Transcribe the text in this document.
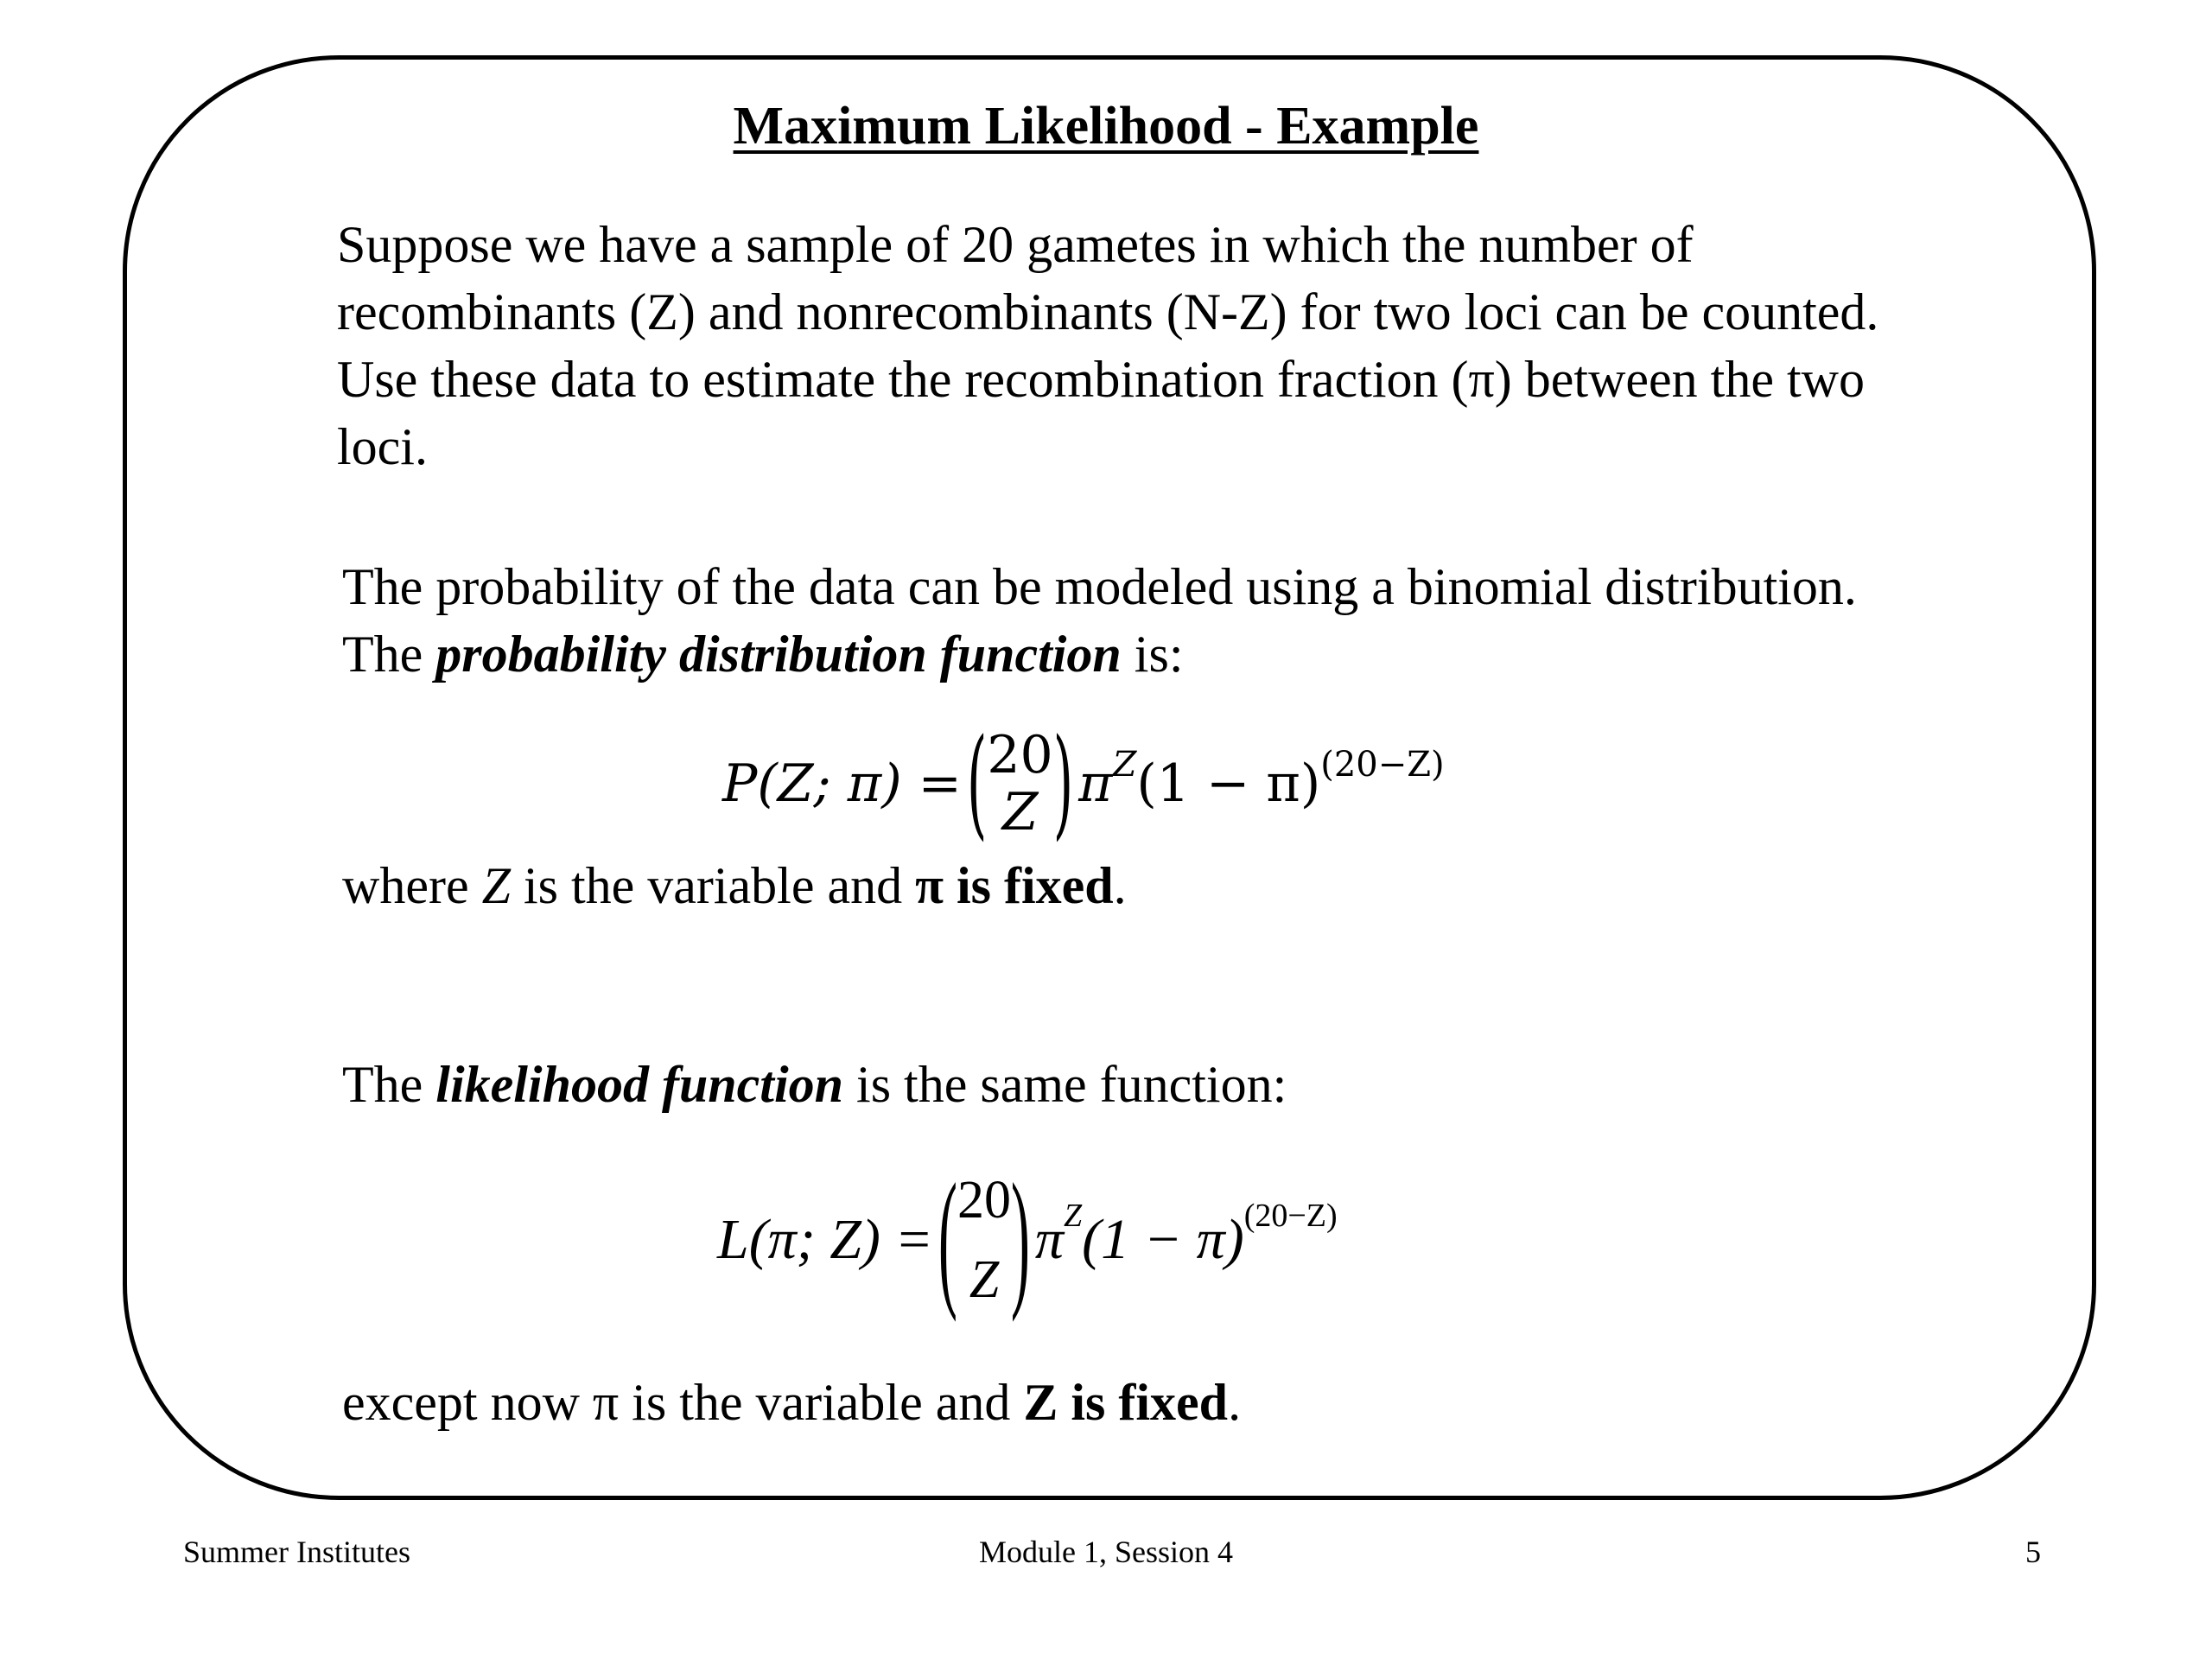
Maximum Likelihood - Example
Suppose we have a sample of 20 gametes in which the number of
recombinants (Z) and nonrecombinants (N-Z) for two loci can be counted.
Use these data to estimate the recombination fraction (π) between the two
loci.
The probability of the data can be modeled using a binomial distribution.
The probability distribution function is:
P(Z; π) = ( 20
Z ) π Z (1 − π) (20−Z)
where Z is the variable and π is fixed.
The likelihood function is the same function:
L(π; Z) = ( 20
Z ) π Z (1 − π) (20−Z)
except now π is the variable and Z is fixed.
Summer Institutes	Module 1, Session 4	5
